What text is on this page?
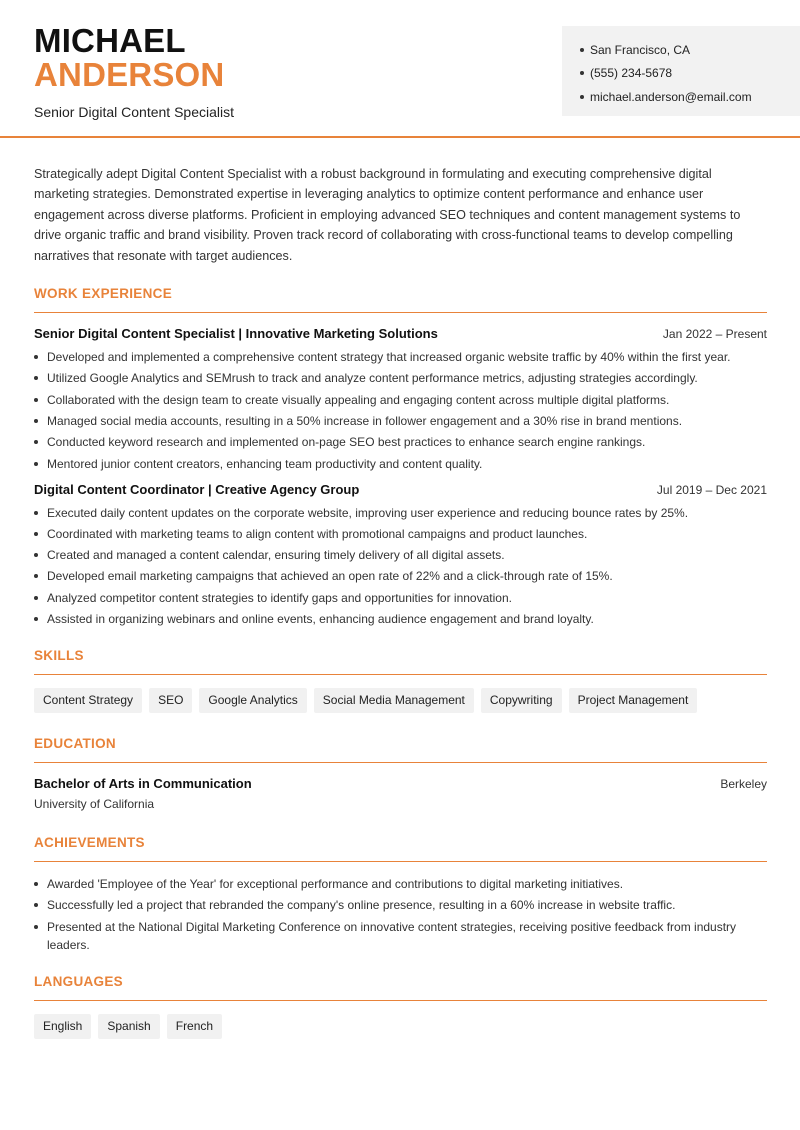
MICHAEL
ANDERSON
Senior Digital Content Specialist
San Francisco, CA
(555) 234-5678
michael.anderson@email.com

Strategically adept Digital Content Specialist with a robust background in formulating and executing comprehensive digital marketing strategies. Demonstrated expertise in leveraging analytics to optimize content performance and enhance user engagement across diverse platforms. Proficient in employing advanced SEO techniques and content management systems to drive organic traffic and brand visibility. Proven track record of collaborating with cross-functional teams to develop compelling narratives that resonate with target audiences.

WORK EXPERIENCE
Senior Digital Content Specialist | Innovative Marketing Solutions	Jan 2022 – Present
Developed and implemented a comprehensive content strategy that increased organic website traffic by 40% within the first year.
Utilized Google Analytics and SEMrush to track and analyze content performance metrics, adjusting strategies accordingly.
Collaborated with the design team to create visually appealing and engaging content across multiple digital platforms.
Managed social media accounts, resulting in a 50% increase in follower engagement and a 30% rise in brand mentions.
Conducted keyword research and implemented on-page SEO best practices to enhance search engine rankings.
Mentored junior content creators, enhancing team productivity and content quality.
Digital Content Coordinator | Creative Agency Group	Jul 2019 – Dec 2021
Executed daily content updates on the corporate website, improving user experience and reducing bounce rates by 25%.
Coordinated with marketing teams to align content with promotional campaigns and product launches.
Created and managed a content calendar, ensuring timely delivery of all digital assets.
Developed email marketing campaigns that achieved an open rate of 22% and a click-through rate of 15%.
Analyzed competitor content strategies to identify gaps and opportunities for innovation.
Assisted in organizing webinars and online events, enhancing audience engagement and brand loyalty.
SKILLS
Content Strategy	SEO	Google Analytics	Social Media Management	Copywriting	Project Management
EDUCATION
Bachelor of Arts in Communication	Berkeley
University of California
ACHIEVEMENTS
Awarded 'Employee of the Year' for exceptional performance and contributions to digital marketing initiatives.
Successfully led a project that rebranded the company's online presence, resulting in a 60% increase in website traffic.
Presented at the National Digital Marketing Conference on innovative content strategies, receiving positive feedback from industry leaders.
LANGUAGES
English	Spanish	French
